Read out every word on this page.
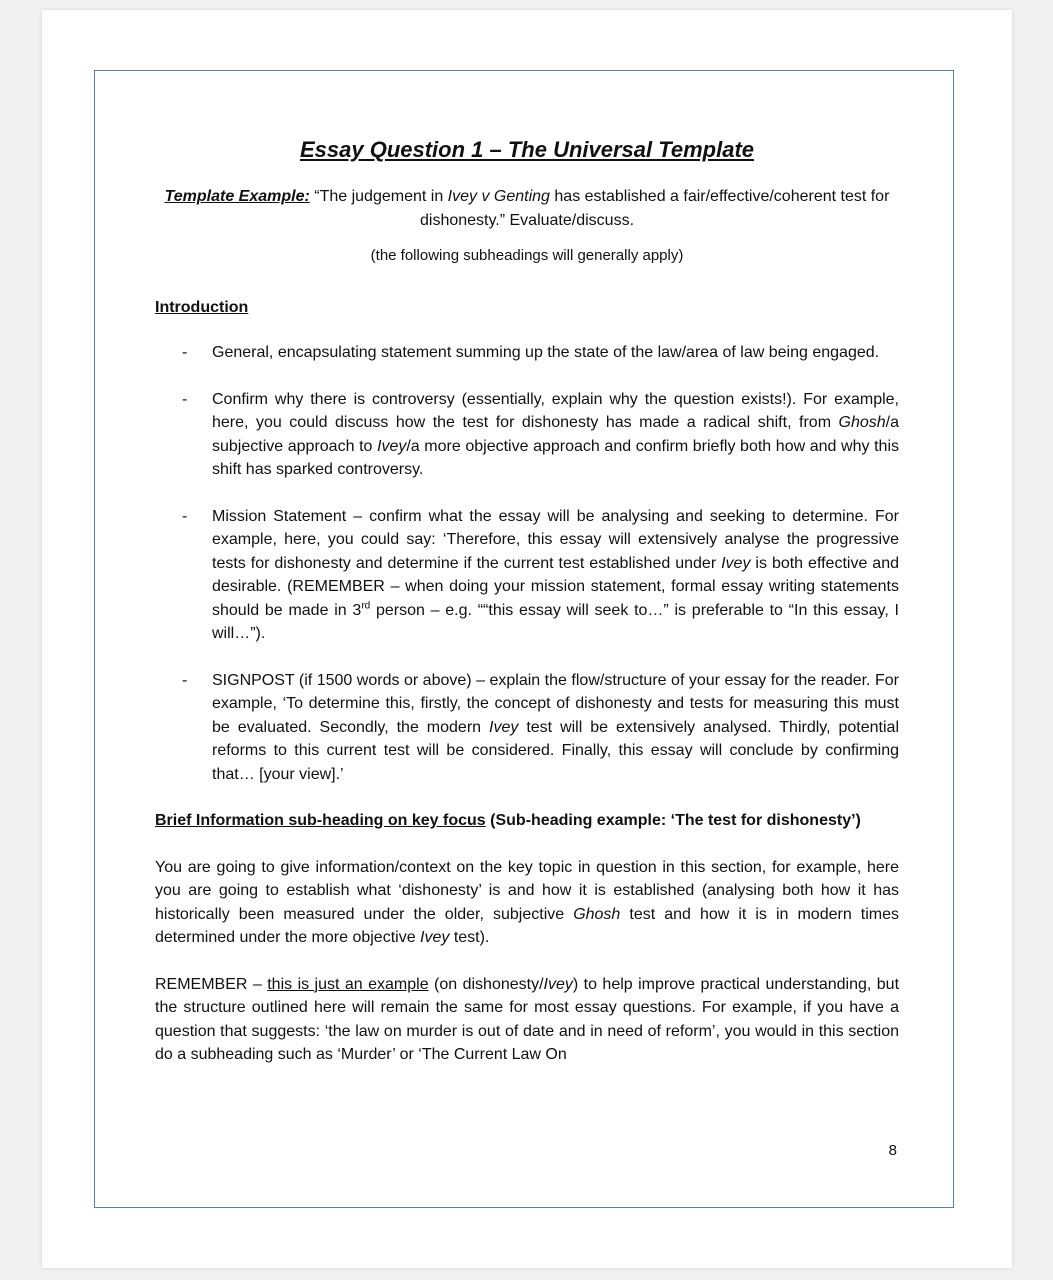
Essay Question 1 – The Universal Template
Template Example: “The judgement in Ivey v Genting has established a fair/effective/coherent test for dishonesty.” Evaluate/discuss.
(the following subheadings will generally apply)
Introduction
- General, encapsulating statement summing up the state of the law/area of law being engaged.
- Confirm why there is controversy (essentially, explain why the question exists!). For example, here, you could discuss how the test for dishonesty has made a radical shift, from Ghosh/a subjective approach to Ivey/a more objective approach and confirm briefly both how and why this shift has sparked controversy.
- Mission Statement – confirm what the essay will be analysing and seeking to determine. For example, here, you could say: ‘Therefore, this essay will extensively analyse the progressive tests for dishonesty and determine if the current test established under Ivey is both effective and desirable. (REMEMBER – when doing your mission statement, formal essay writing statements should be made in 3rd person – e.g. ““this essay will seek to…” is preferable to “In this essay, I will…”).
- SIGNPOST (if 1500 words or above) – explain the flow/structure of your essay for the reader. For example, ‘To determine this, firstly, the concept of dishonesty and tests for measuring this must be evaluated. Secondly, the modern Ivey test will be extensively analysed. Thirdly, potential reforms to this current test will be considered. Finally, this essay will conclude by confirming that… [your view].’
Brief Information sub-heading on key focus (Sub-heading example: ‘The test for dishonesty’)

You are going to give information/context on the key topic in question in this section, for example, here you are going to establish what ‘dishonesty’ is and how it is established (analysing both how it has historically been measured under the older, subjective Ghosh test and how it is in modern times determined under the more objective Ivey test).

REMEMBER – this is just an example (on dishonesty/Ivey) to help improve practical understanding, but the structure outlined here will remain the same for most essay questions. For example, if you have a question that suggests: ‘the law on murder is out of date and in need of reform’, you would in this section do a subheading such as ‘Murder’ or ‘The Current Law On

8
